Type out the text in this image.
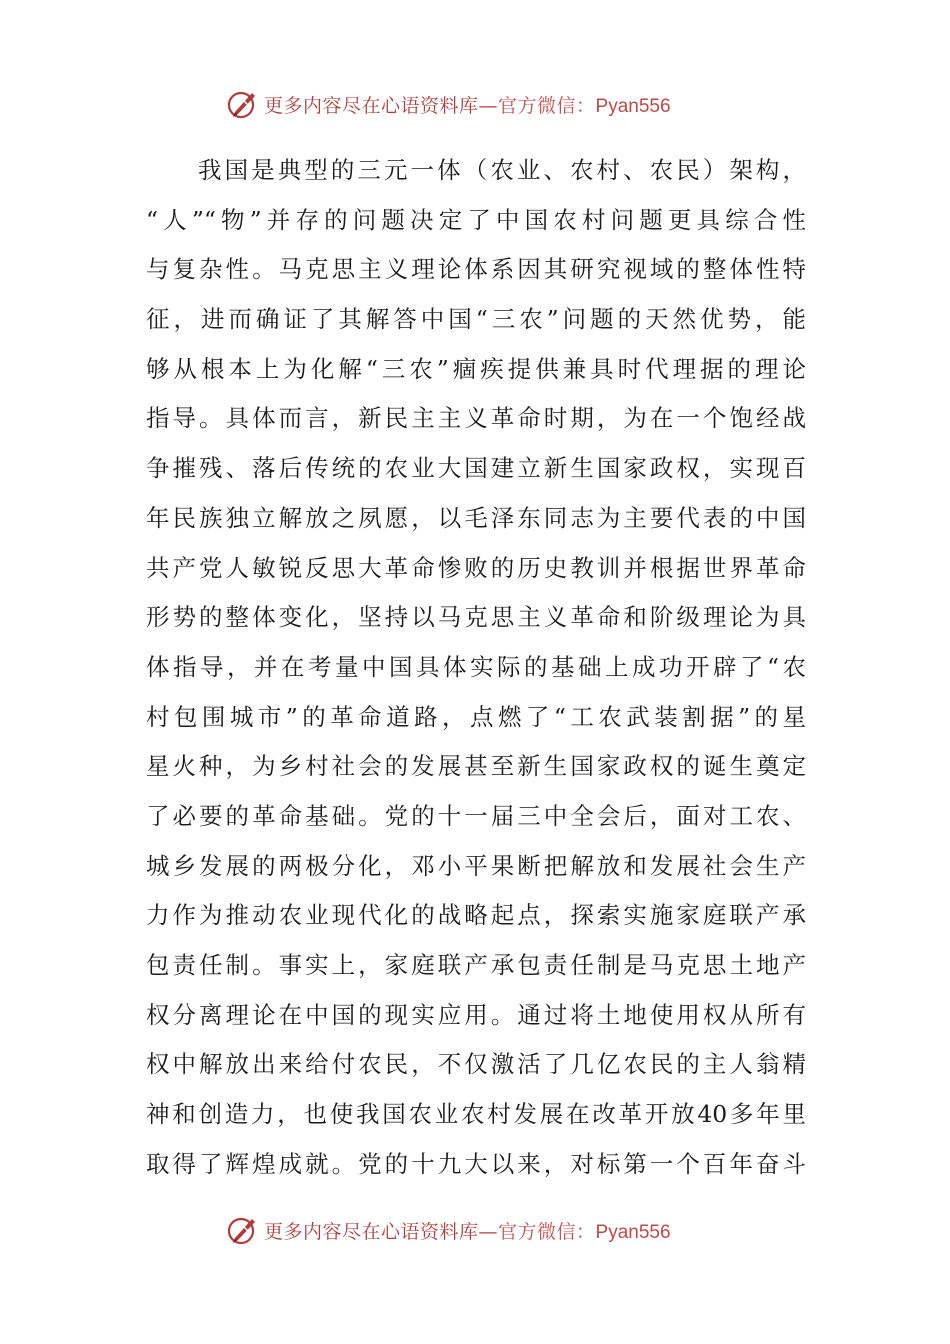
更多内容尽在心语资料库—官方微信：Pyan556
我国是典型的三元一体（农业、农村、农民）架构，
“人”“物”并存的问题决定了中国农村问题更具综合性
与复杂性。马克思主义理论体系因其研究视域的整体性特
征，进而确证了其解答中国“三农”问题的天然优势，能
够从根本上为化解“三农”痼疾提供兼具时代理据的理论
指导。具体而言，新民主主义革命时期，为在一个饱经战
争摧残、落后传统的农业大国建立新生国家政权，实现百
年民族独立解放之夙愿，以毛泽东同志为主要代表的中国
共产党人敏锐反思大革命惨败的历史教训并根据世界革命
形势的整体变化，坚持以马克思主义革命和阶级理论为具
体指导，并在考量中国具体实际的基础上成功开辟了“农
村包围城市”的革命道路，点燃了“工农武装割据”的星
星火种，为乡村社会的发展甚至新生国家政权的诞生奠定
了必要的革命基础。党的十一届三中全会后，面对工农、
城乡发展的两极分化，邓小平果断把解放和发展社会生产
力作为推动农业现代化的战略起点，探索实施家庭联产承
包责任制。事实上，家庭联产承包责任制是马克思土地产
权分离理论在中国的现实应用。通过将土地使用权从所有
权中解放出来给付农民，不仅激活了几亿农民的主人翁精
神和创造力，也使我国农业农村发展在改革开放40多年里
取得了辉煌成就。党的十九大以来，对标第一个百年奋斗
更多内容尽在心语资料库—官方微信：Pyan556
